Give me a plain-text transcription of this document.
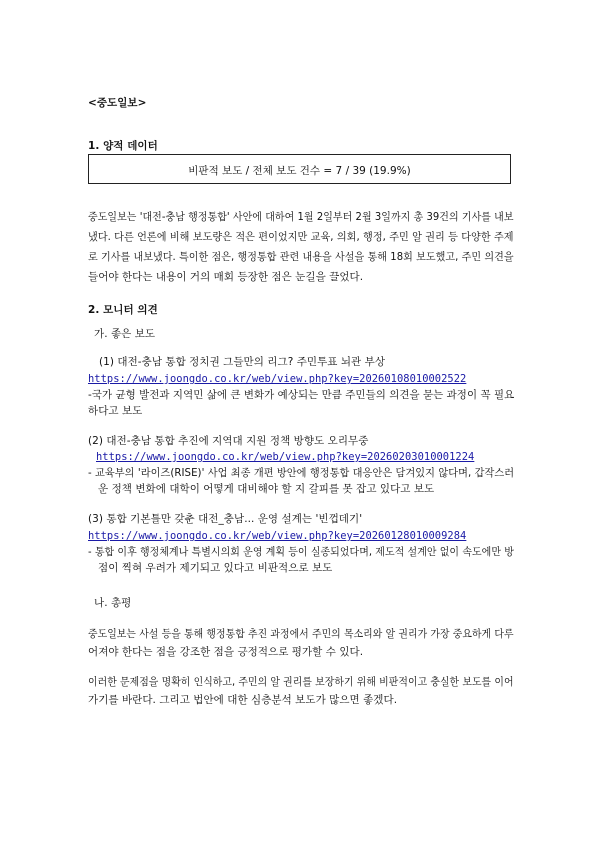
<중도일보>
1. 양적 데이터
비판적 보도 / 전체 보도 건수 = 7 / 39 (19.9%)
중도일보는 '대전-충남 행정통합' 사안에 대하여 1월 2일부터 2월 3일까지 총 39건의 기사를 내보
냈다. 다른 언론에 비해 보도량은 적은 편이었지만 교육, 의회, 행정, 주민 알 권리 등 다양한 주제
로 기사를 내보냈다. 특이한 점은, 행정통합 관련 내용을 사설을 통해 18회 보도했고, 주민 의견을
들어야 한다는 내용이 거의 매회 등장한 점은 눈길을 끌었다.
2. 모니터 의견
가. 좋은 보도
(1) 대전-충남 통합 정치권 그들만의 리그? 주민투표 뇌관 부상
https://www.joongdo.co.kr/web/view.php?key=20260108010002522
-국가 균형 발전과 지역민 삶에 큰 변화가 예상되는 만큼 주민들의 의견을 묻는 과정이 꼭 필요
하다고 보도
(2) 대전-충남 통합 추진에 지역대 지원 정책 방향도 오리무중
https://www.joongdo.co.kr/web/view.php?key=20260203010001224
- 교육부의 '라이즈(RISE)' 사업 최종 개편 방안에 행정통합 대응안은 담겨있지 않다며, 갑작스러
운 정책 변화에 대학이 어떻게 대비해야 할 지 갈피를 못 잡고 있다고 보도
(3) 통합 기본틀만 갖춘 대전_충남... 운영 설계는 '빈껍데기'
https://www.joongdo.co.kr/web/view.php?key=20260128010009284
- 통합 이후 행정체계나 특별시의회 운영 계획 등이 실종되었다며, 제도적 설계안 없이 속도에만 방
점이 찍혀 우려가 제기되고 있다고 비판적으로 보도
나. 총평
중도일보는 사설 등을 통해 행정통합 추진 과정에서 주민의 목소리와 알 권리가 가장 중요하게 다루
어져야 한다는 점을 강조한 점을 긍정적으로 평가할 수 있다.
이러한 문제점을 명확히 인식하고, 주민의 알 권리를 보장하기 위해 비판적이고 충실한 보도를 이어
가기를 바란다. 그리고 법안에 대한 심층분석 보도가 많으면 좋겠다.
